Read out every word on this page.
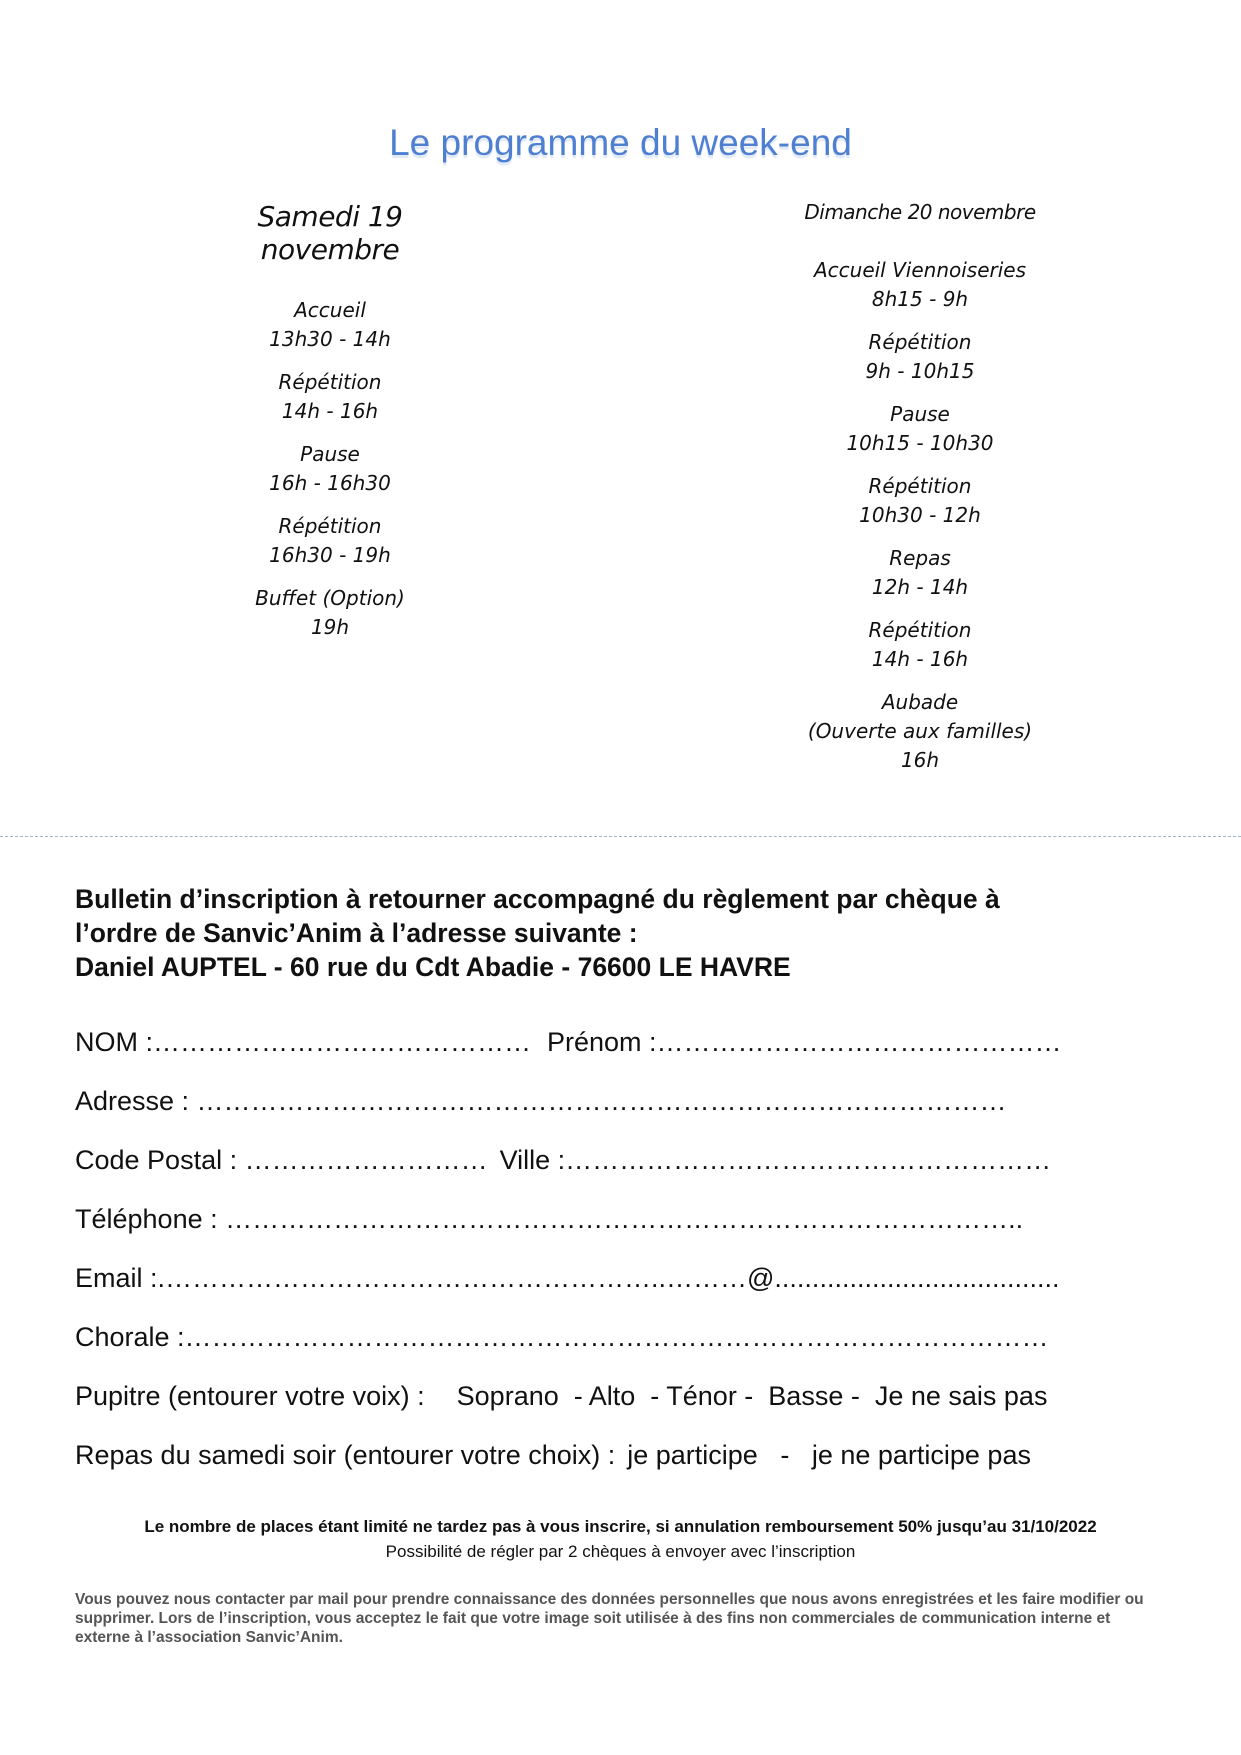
Le programme du week-end
Samedi 19 novembre
Accueil
13h30 - 14h
Répétition
14h - 16h
Pause
16h - 16h30
Répétition
16h30 - 19h
Buffet (Option)
19h
Dimanche 20 novembre
Accueil Viennoiseries
8h15 - 9h
Répétition
9h - 10h15
Pause
10h15 - 10h30
Répétition
10h30 - 12h
Repas
12h - 14h
Répétition
14h - 16h
Aubade
(Ouverte aux familles)
16h
Bulletin d’inscription à retourner accompagné du règlement par chèque à
l’ordre de Sanvic’Anim à l’adresse suivante :
Daniel AUPTEL - 60 rue du Cdt Abadie - 76600 LE HAVRE
NOM :…………………………………… Prénom :………………………………………
Adresse : ………………………………………………………………………………
Code Postal : ……………………… Ville :………………………………………………
Téléphone : ……………………………………………………………………………..
Email :.………………………………………………..………@......................................
Chorale :……………………………………………………………………………………
Pupitre (entourer votre voix) : Soprano  - Alto  - Ténor -  Basse -  Je ne sais pas
Repas du samedi soir (entourer votre choix) : je participe   -   je ne participe pas
Le nombre de places étant limité ne tardez pas à vous inscrire, si annulation remboursement 50% jusqu’au 31/10/2022
Possibilité de régler par 2 chèques à envoyer avec l’inscription
Vous pouvez nous contacter par mail pour prendre connaissance des données personnelles que nous avons enregistrées et les faire modifier ou supprimer. Lors de l’inscription, vous acceptez le fait que votre image soit utilisée à des fins non commerciales de communication interne et externe à l’association Sanvic’Anim.
